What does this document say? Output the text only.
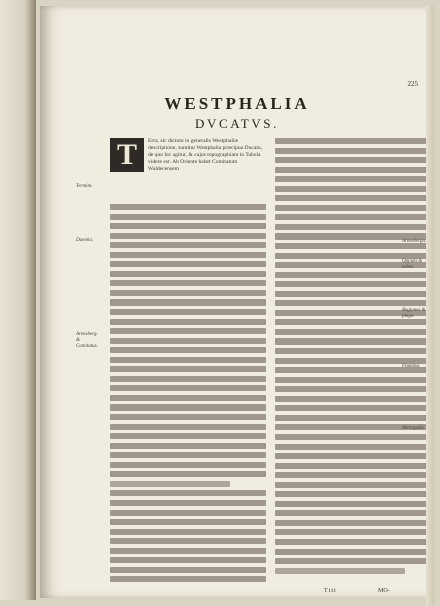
225
WESTPHALIA
DVCATVS.
T	Erra, sic dictum in generalis Westphaliæ descriptione, sumitur Westphalia præcipua Ducatu, de quo hic agitur, & cujus topographiam in Tabula videre est. Ab Oriente habet Comitatum Waldecensem
Termini.
Daemia.
Arensberg. & Comitatus.
Arensberga.
Oppida & urbes.
Regiones & plage.
Flumina.
Metropolis.
Tttt	MO-
